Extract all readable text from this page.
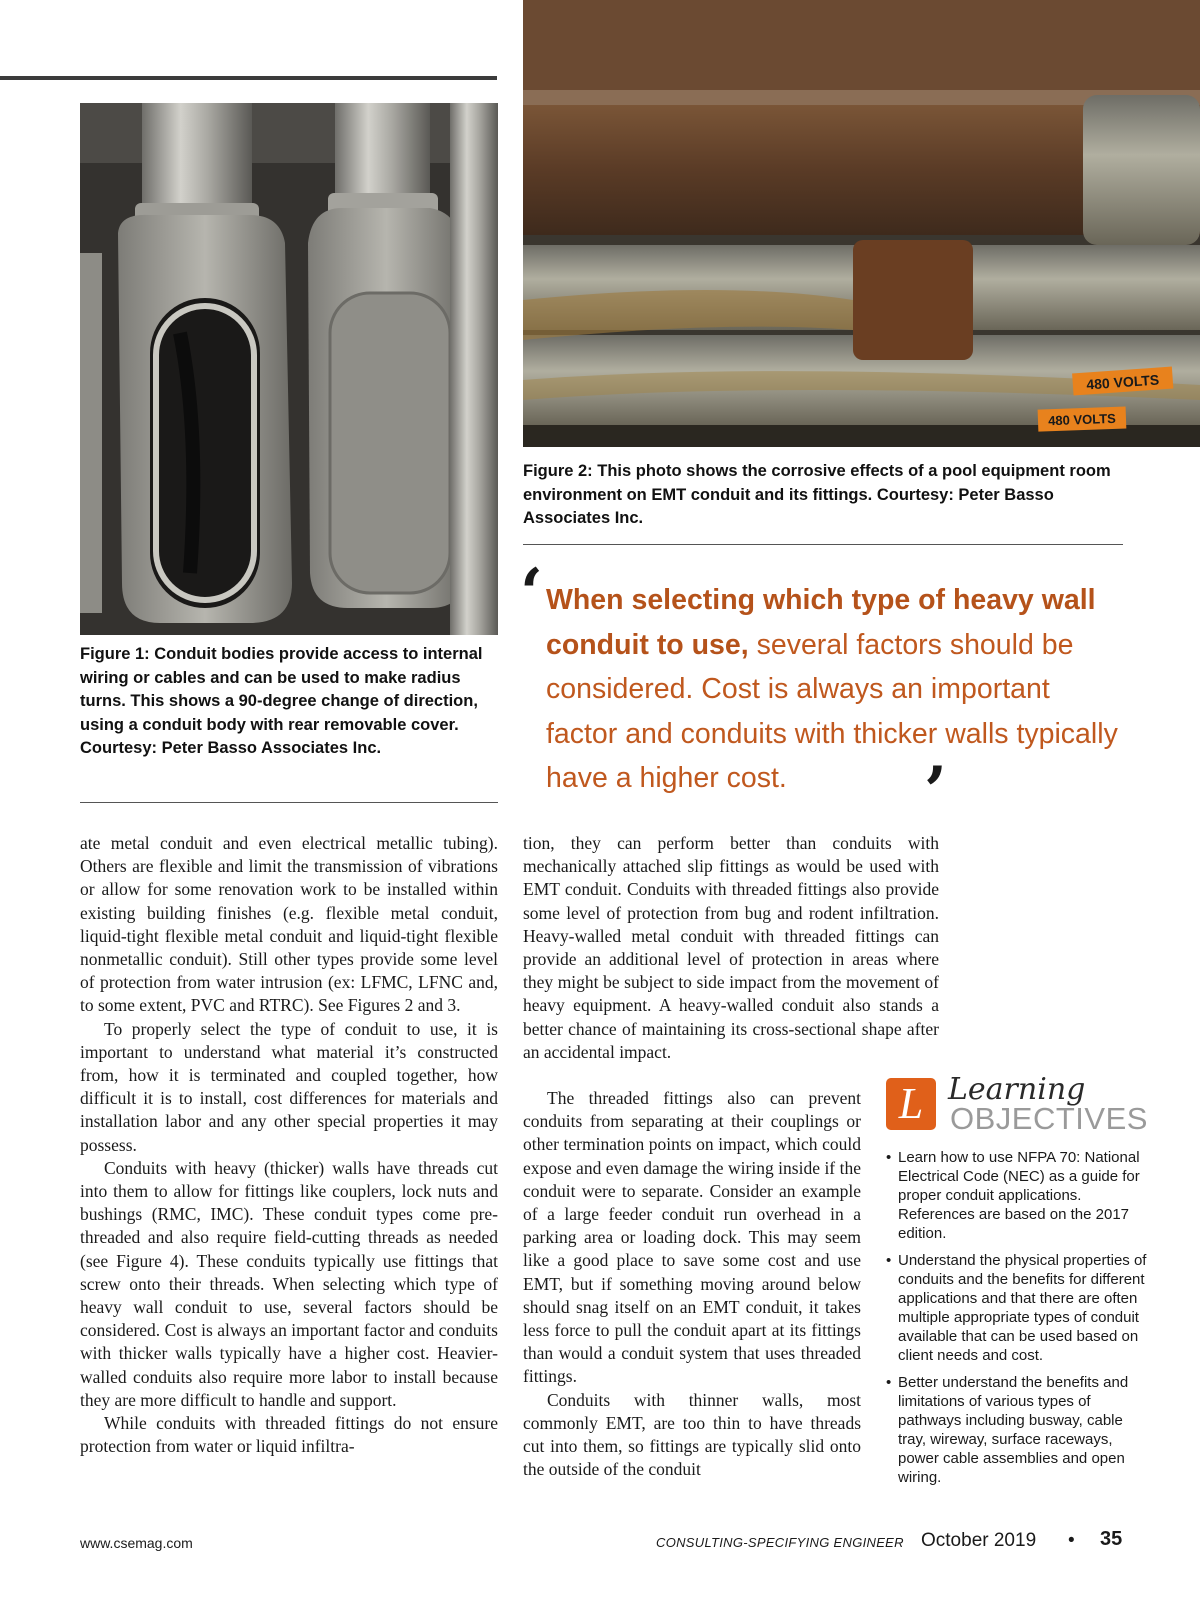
480 VOLTS
480 VOLTS
Figure 1: Conduit bodies provide access to internal wiring or cables and can be used to make radius turns. This shows a 90-degree change of direction, using a conduit body with rear removable cover. Courtesy: Peter Basso Associates Inc.
Figure 2: This photo shows the corrosive effects of a pool equipment room environment on EMT conduit and its fittings. Courtesy: Peter Basso Associates Inc.
‘ When selecting which type of heavy wall conduit to use, several factors should be considered. Cost is always an important factor and conduits with thicker walls typically have a higher cost.	’

ate metal conduit and even electrical metallic tubing). Others are flexible and limit the transmission of vibrations or allow for some renovation work to be installed within existing building finishes (e.g. flexible metal conduit, liquid-tight flexible metal conduit and liquid-tight flexible nonmetallic conduit). Still other types provide some level of protection from water intrusion (ex: LFMC, LFNC and, to some extent, PVC and RTRC). See Figures 2 and 3.

To properly select the type of conduit to use, it is important to understand what material it’s constructed from, how it is terminated and coupled together, how difficult it is to install, cost differences for materials and installation labor and any other special properties it may possess.

Conduits with heavy (thicker) walls have threads cut into them to allow for fittings like couplers, lock nuts and bushings (RMC, IMC). These conduit types come pre-threaded and also require field-cutting threads as needed (see Figure 4). These conduits typically use fittings that screw onto their threads. When selecting which type of heavy wall conduit to use, several factors should be considered. Cost is always an important factor and conduits with thicker walls typically have a higher cost. Heavier-walled conduits also require more labor to install because they are more difficult to handle and support.

While conduits with threaded fittings do not ensure protection from water or liquid infiltra-

tion, they can perform better than conduits with mechanically attached slip fittings as would be used with EMT conduit. Conduits with threaded fittings also provide some level of protection from bug and rodent infiltration. Heavy-walled metal conduit with threaded fittings can provide an additional level of protection in areas where they might be subject to side impact from the movement of heavy equipment. A heavy-walled conduit also stands a better chance of maintaining its cross-sectional shape after an accidental impact.

The threaded fittings also can prevent conduits from separating at their couplings or other termination points on impact, which could expose and even damage the wiring inside if the conduit were to separate. Consider an example of a large feeder conduit run overhead in a parking area or loading dock. This may seem like a good place to save some cost and use EMT, but if something moving around below should snag itself on an EMT conduit, it takes less force to pull the conduit apart at its fittings than would a conduit system that uses threaded fittings.

Conduits with thinner walls, most commonly EMT, are too thin to have threads cut into them, so fittings are typically slid onto the outside of the conduit

L Learning
OBJECTIVES
• Learn how to use NFPA 70: National Electrical Code (NEC) as a guide for proper conduit applications. References are based on the 2017 edition.
• Understand the physical properties of conduits and the benefits for different applications and that there are often multiple appropriate types of conduit available that can be used based on client needs and cost.
• Better understand the benefits and limitations of various types of pathways including busway, cable tray, wireway, surface raceways, power cable assemblies and open wiring.
www.csemag.com	CONSULTING-SPECIFYING ENGINEER October 2019 • 35
